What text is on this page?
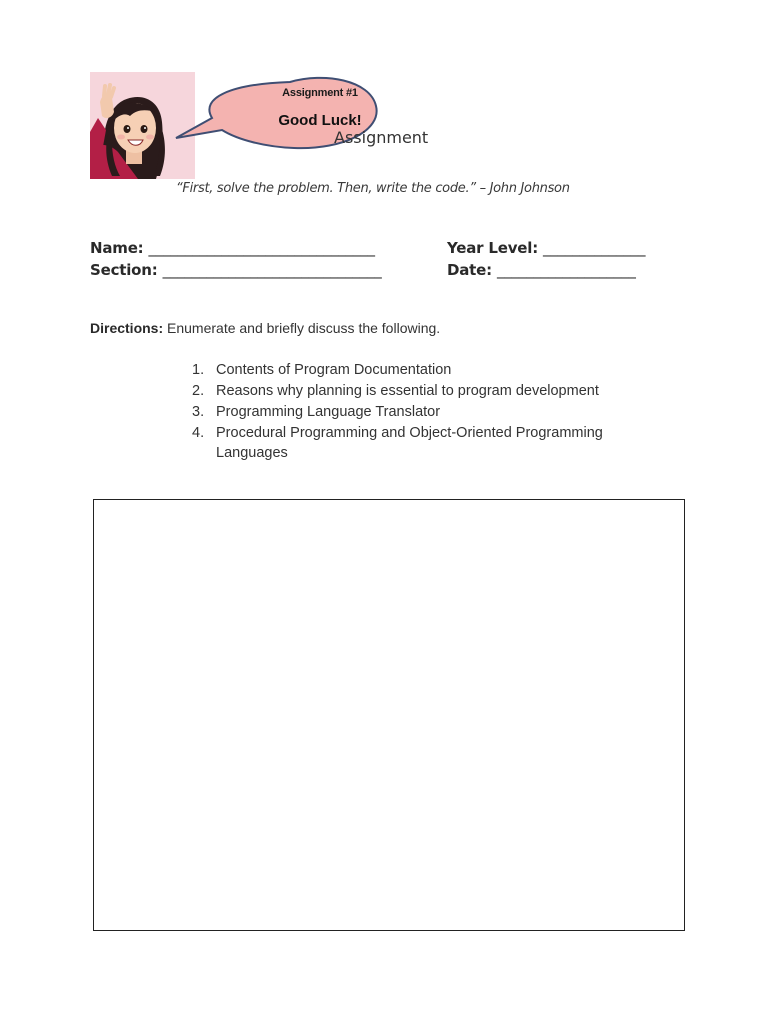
Assignment #1
Good Luck!
Assignment
“First, solve the problem. Then, write the code.” – John Johnson
Name: _______________________________	Year Level: ______________
Section: ______________________________	Date: ___________________
Directions: Enumerate and briefly discuss the following.
1. Contents of Program Documentation
2. Reasons why planning is essential to program development
3. Programming Language Translator
4. Procedural Programming and Object-Oriented Programming Languages
